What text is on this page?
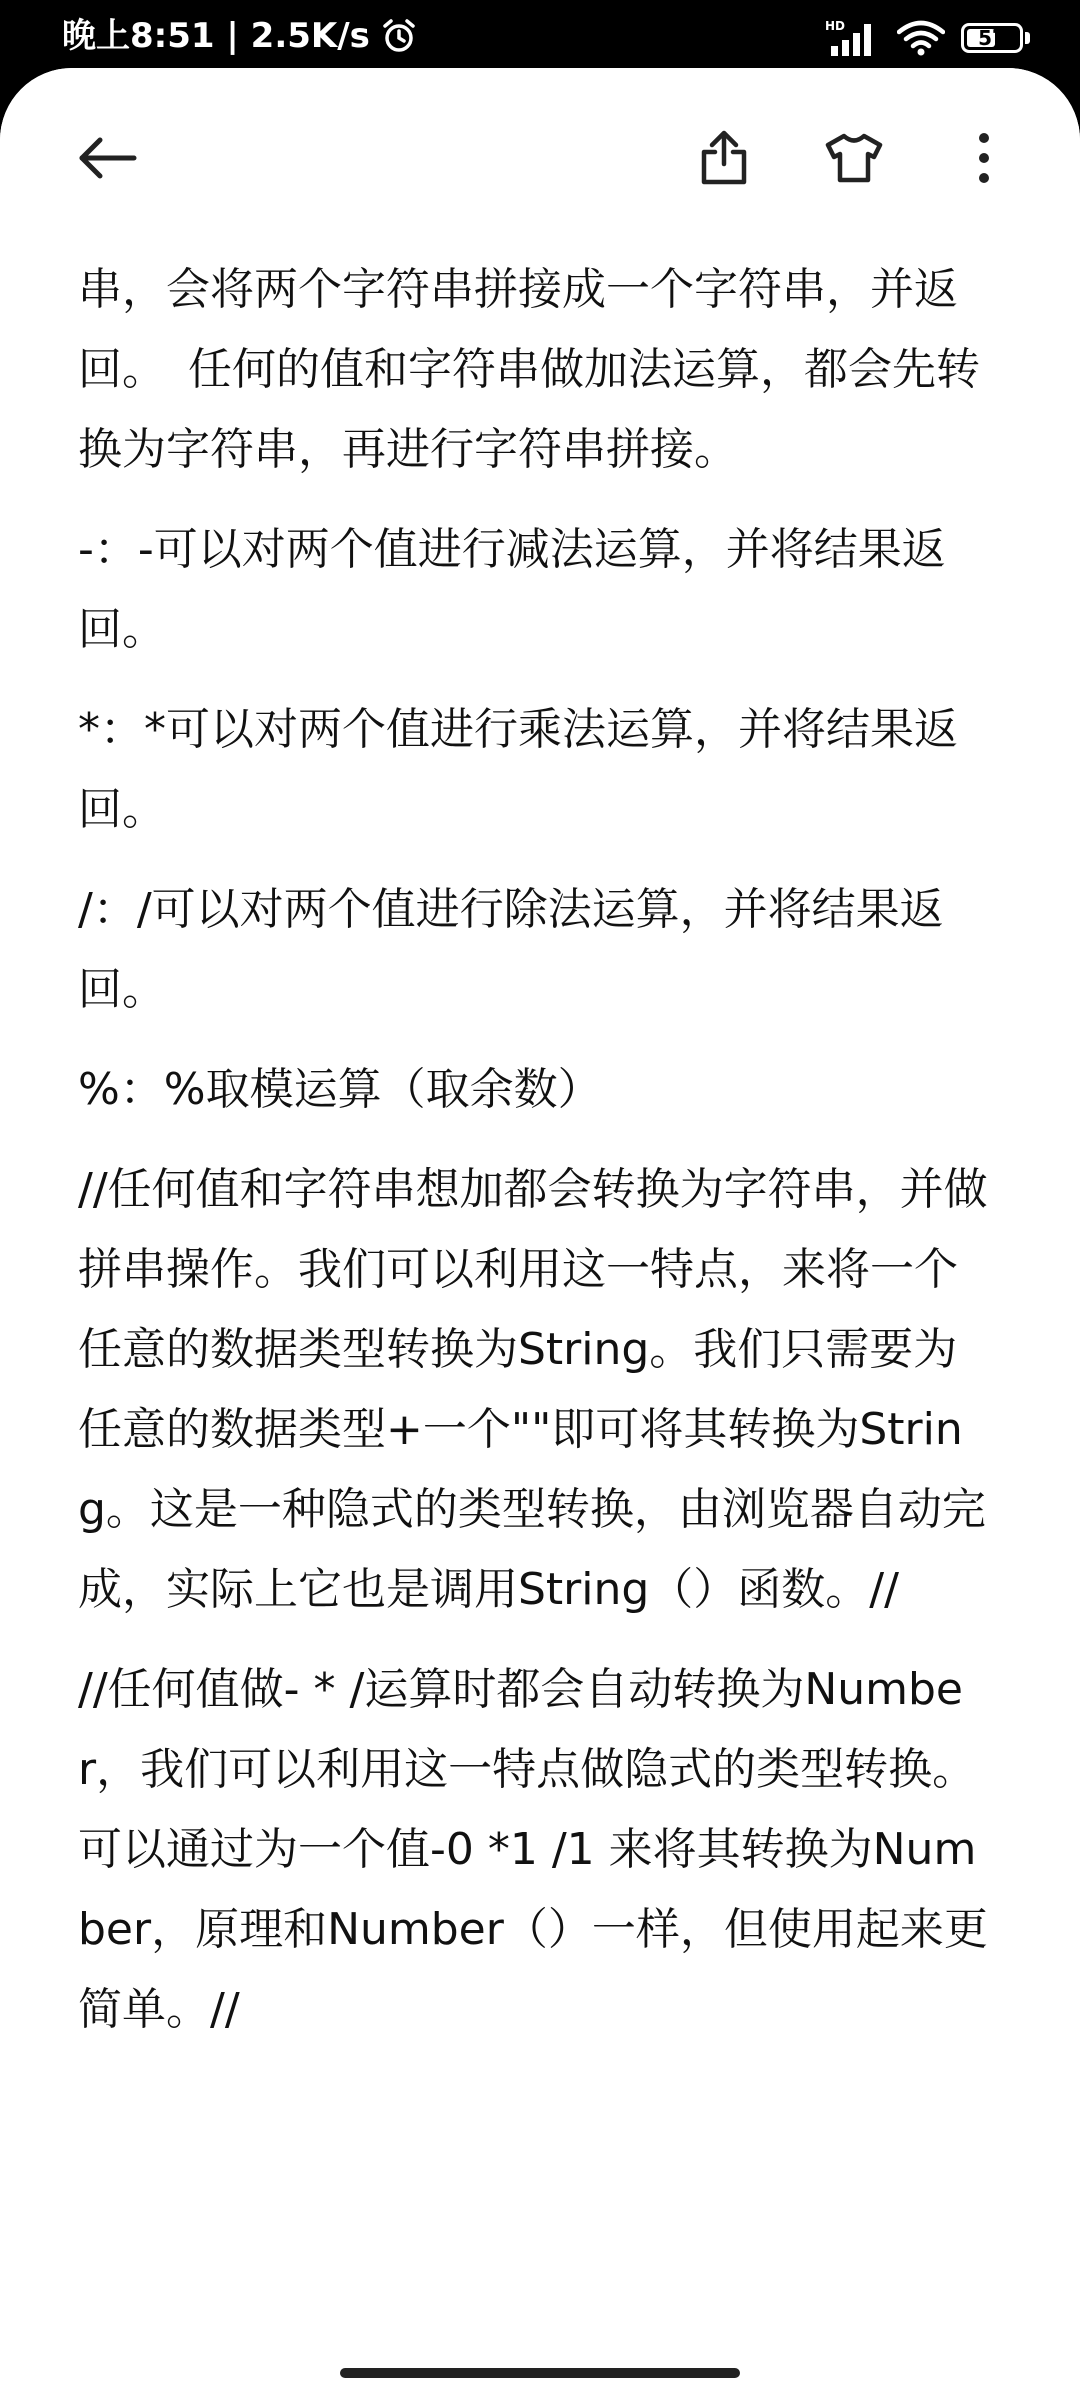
晚上8:51 | 2.5K/s	HD	57

串，会将两个字符串拼接成一个字符串，并返回。　任何的值和字符串做加法运算，都会先转换为字符串，再进行字符串拼接。

-：-可以对两个值进行减法运算，并将结果返回。

*：*可以对两个值进行乘法运算，并将结果返回。

/：/可以对两个值进行除法运算，并将结果返回。

%：%取模运算（取余数）

//任何值和字符串想加都会转换为字符串，并做拼串操作。我们可以利用这一特点，来将一个任意的数据类型转换为String。我们只需要为任意的数据类型+一个""即可将其转换为String。这是一种隐式的类型转换，由浏览器自动完成，实际上它也是调用String（）函数。//

//任何值做- * /运算时都会自动转换为Number，我们可以利用这一特点做隐式的类型转换。可以通过为一个值-0 *1 /1 来将其转换为Number，原理和Number（）一样，但使用起来更简单。//
